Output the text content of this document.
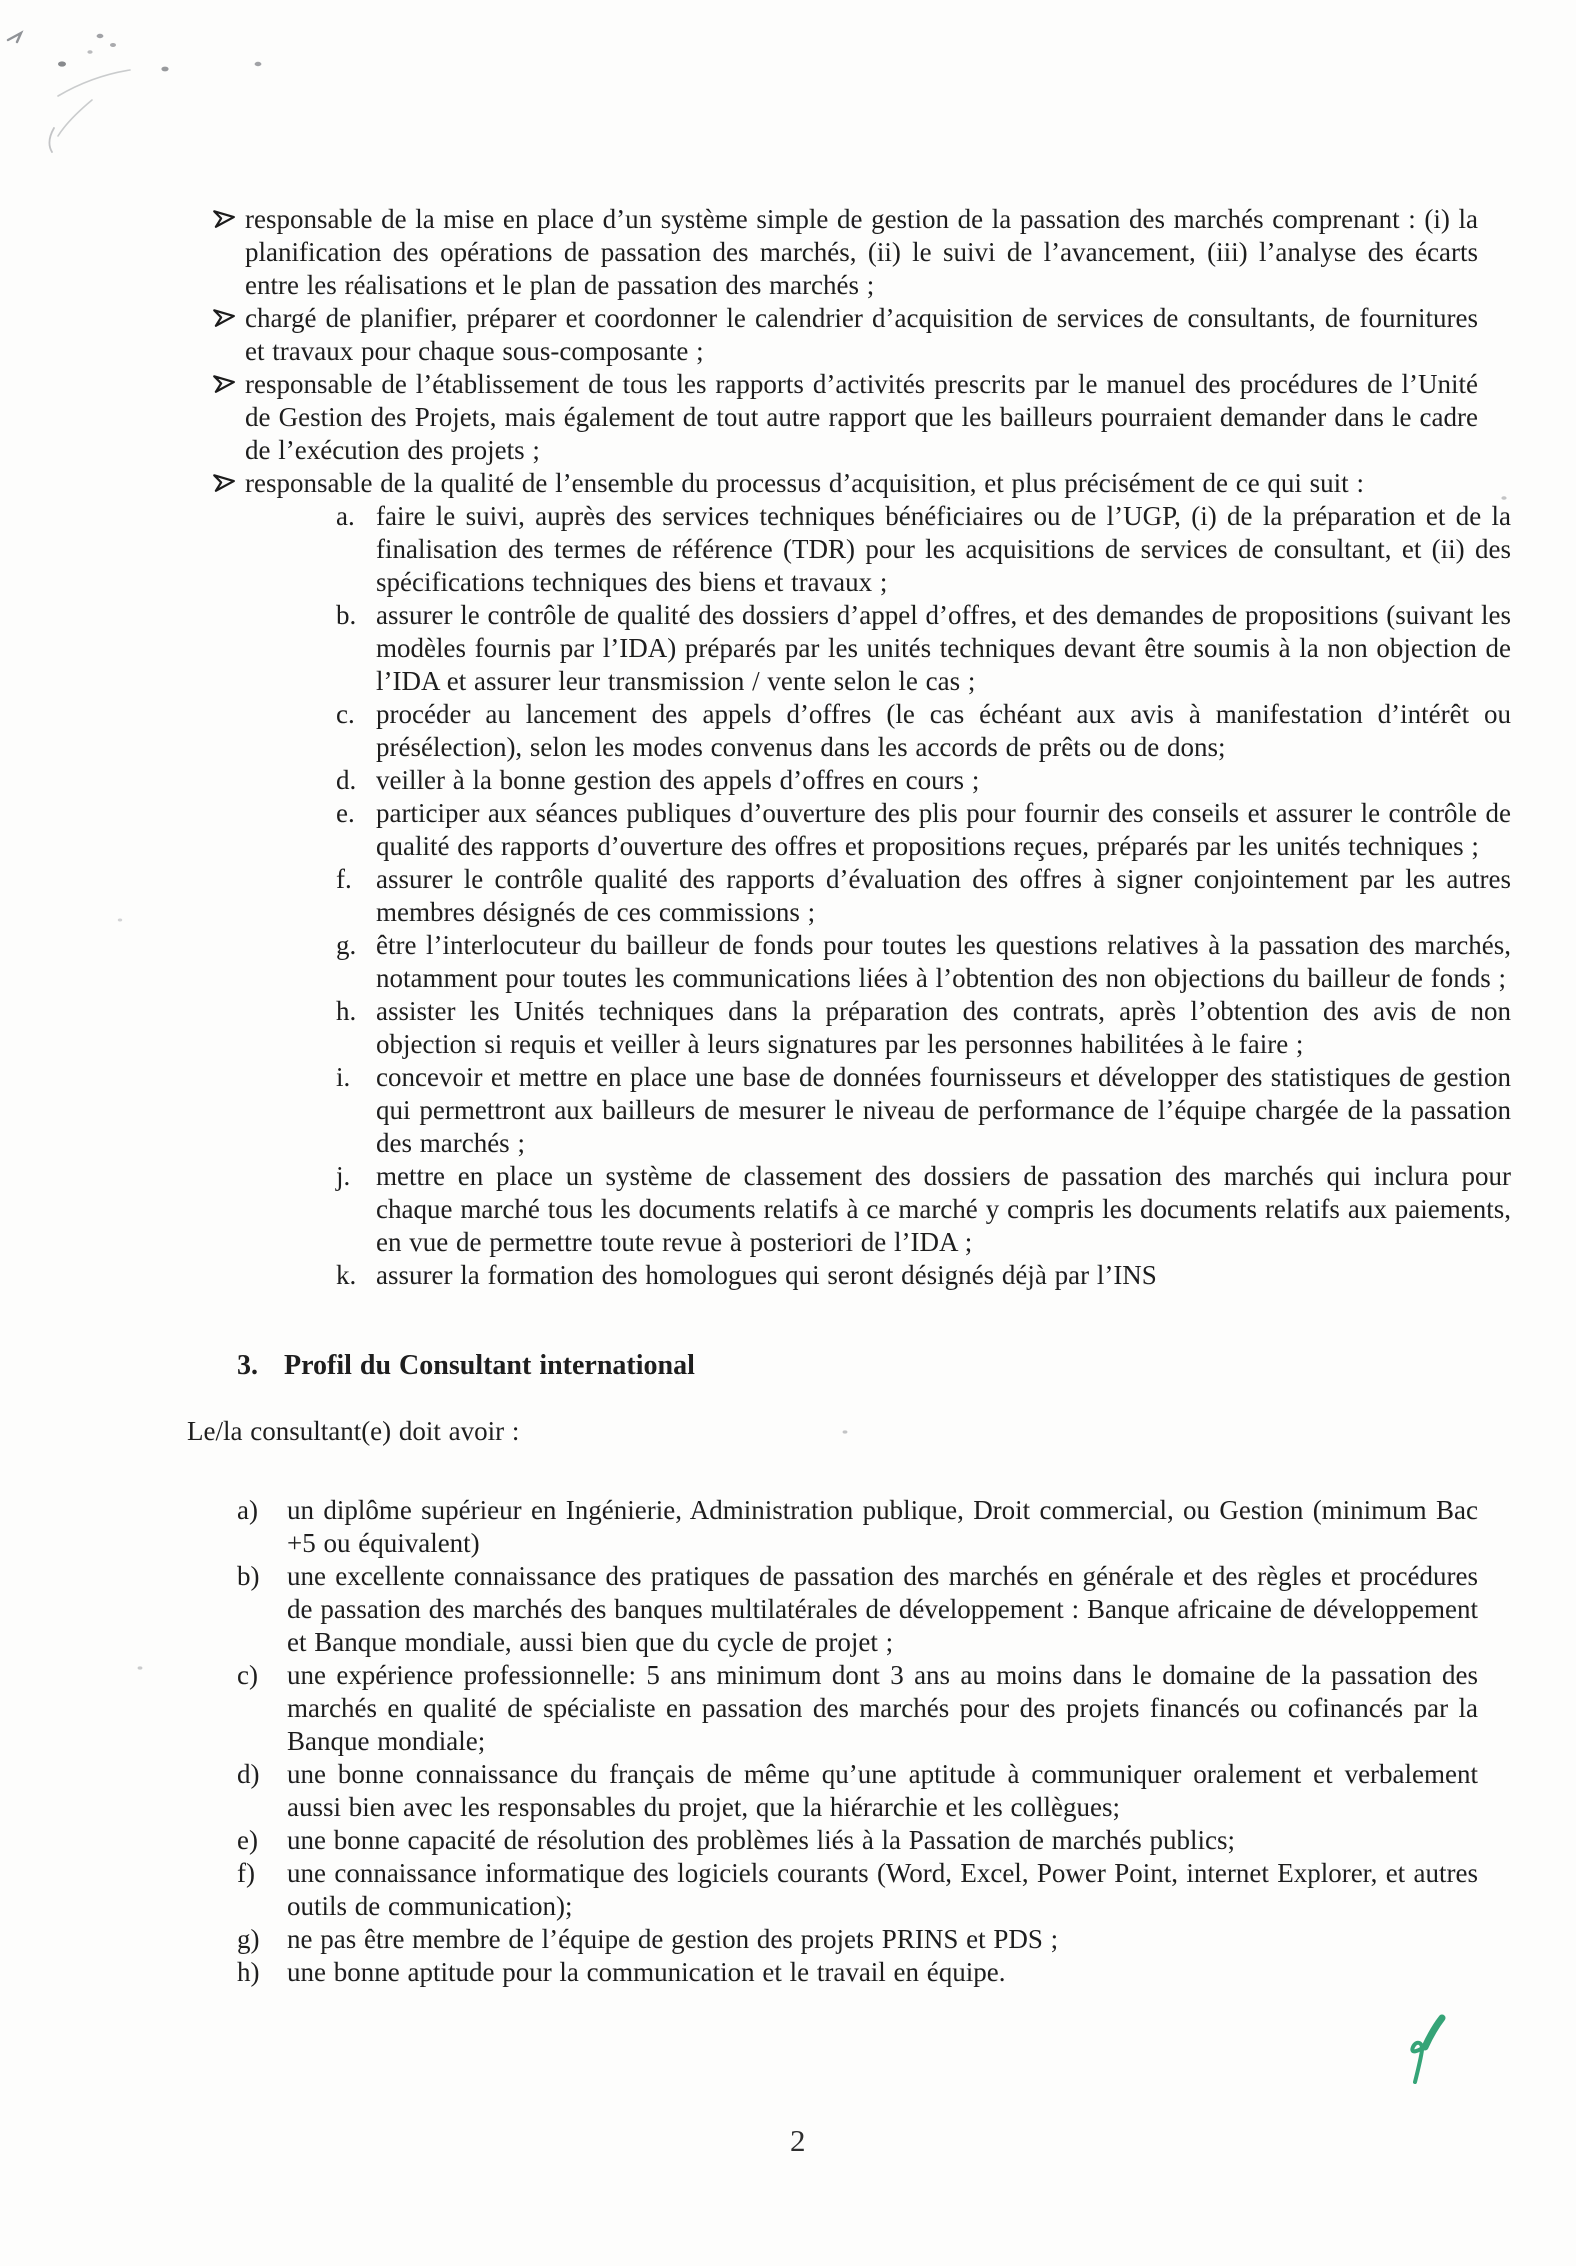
responsable de la mise en place d’un système simple de gestion de la passation des marchés comprenant : (i) la planification des opérations de passation des marchés, (ii) le suivi de l’avancement, (iii) l’analyse des écarts entre les réalisations et le plan de passation des marchés ;
chargé de planifier, préparer et coordonner le calendrier d’acquisition de services de consultants, de fournitures et travaux pour chaque sous-composante ;
responsable de l’établissement de tous les rapports d’activités prescrits par le manuel des procédures de l’Unité de Gestion des Projets, mais également de tout autre rapport que les bailleurs pourraient demander dans le cadre de l’exécution des projets ;
responsable de la qualité de l’ensemble du processus d’acquisition, et plus précisément de ce qui suit :
a. faire le suivi, auprès des services techniques bénéficiaires ou de l’UGP, (i) de la préparation et de la finalisation des termes de référence (TDR) pour les acquisitions de services de consultant, et (ii) des spécifications techniques des biens et travaux ;
b. assurer le contrôle de qualité des dossiers d’appel d’offres, et des demandes de propositions (suivant les modèles fournis par l’IDA) préparés par les unités techniques devant être soumis à la non objection de l’IDA et assurer leur transmission / vente selon le cas ;
c. procéder au lancement des appels d’offres (le cas échéant aux avis à manifestation d’intérêt ou présélection), selon les modes convenus dans les accords de prêts ou de dons;
d. veiller à la bonne gestion des appels d’offres en cours ;
e. participer aux séances publiques d’ouverture des plis pour fournir des conseils et assurer le contrôle de qualité des rapports d’ouverture des offres et propositions reçues, préparés par les unités techniques ;
f. assurer le contrôle qualité des rapports d’évaluation des offres à signer conjointement par les autres membres désignés de ces commissions ;
g. être l’interlocuteur du bailleur de fonds pour toutes les questions relatives à la passation des marchés, notamment pour toutes les communications liées à l’obtention des non objections du bailleur de fonds ;
h. assister les Unités techniques dans la préparation des contrats, après l’obtention des avis de non objection si requis et veiller à leurs signatures par les personnes habilitées à le faire ;
i. concevoir et mettre en place une base de données fournisseurs et développer des statistiques de gestion qui permettront aux bailleurs de mesurer le niveau de performance de l’équipe chargée de la passation des marchés ;
j. mettre en place un système de classement des dossiers de passation des marchés qui inclura pour chaque marché tous les documents relatifs à ce marché y compris les documents relatifs aux paiements, en vue de permettre toute revue à posteriori de l’IDA ;
k. assurer la formation des homologues qui seront désignés déjà par l’INS
3. Profil du Consultant international

Le/la consultant(e) doit avoir :

a) un diplôme supérieur en Ingénierie, Administration publique, Droit commercial, ou Gestion (minimum Bac +5 ou équivalent)
b) une excellente connaissance des pratiques de passation des marchés en générale et des règles et procédures de passation des marchés des banques multilatérales de développement : Banque africaine de développement et Banque mondiale, aussi bien que du cycle de projet ;
c) une expérience professionnelle: 5 ans minimum dont 3 ans au moins dans le domaine de la passation des marchés en qualité de spécialiste en passation des marchés pour des projets financés ou cofinancés par la Banque mondiale;
d) une bonne connaissance du français de même qu’une aptitude à communiquer oralement et verbalement aussi bien avec les responsables du projet, que la hiérarchie et les collègues;
e) une bonne capacité de résolution des problèmes liés à la Passation de marchés publics;
f) une connaissance informatique des logiciels courants (Word, Excel, Power Point, internet Explorer, et autres outils de communication);
g) ne pas être membre de l’équipe de gestion des projets PRINS et PDS ;
h) une bonne aptitude pour la communication et le travail en équipe.
2
